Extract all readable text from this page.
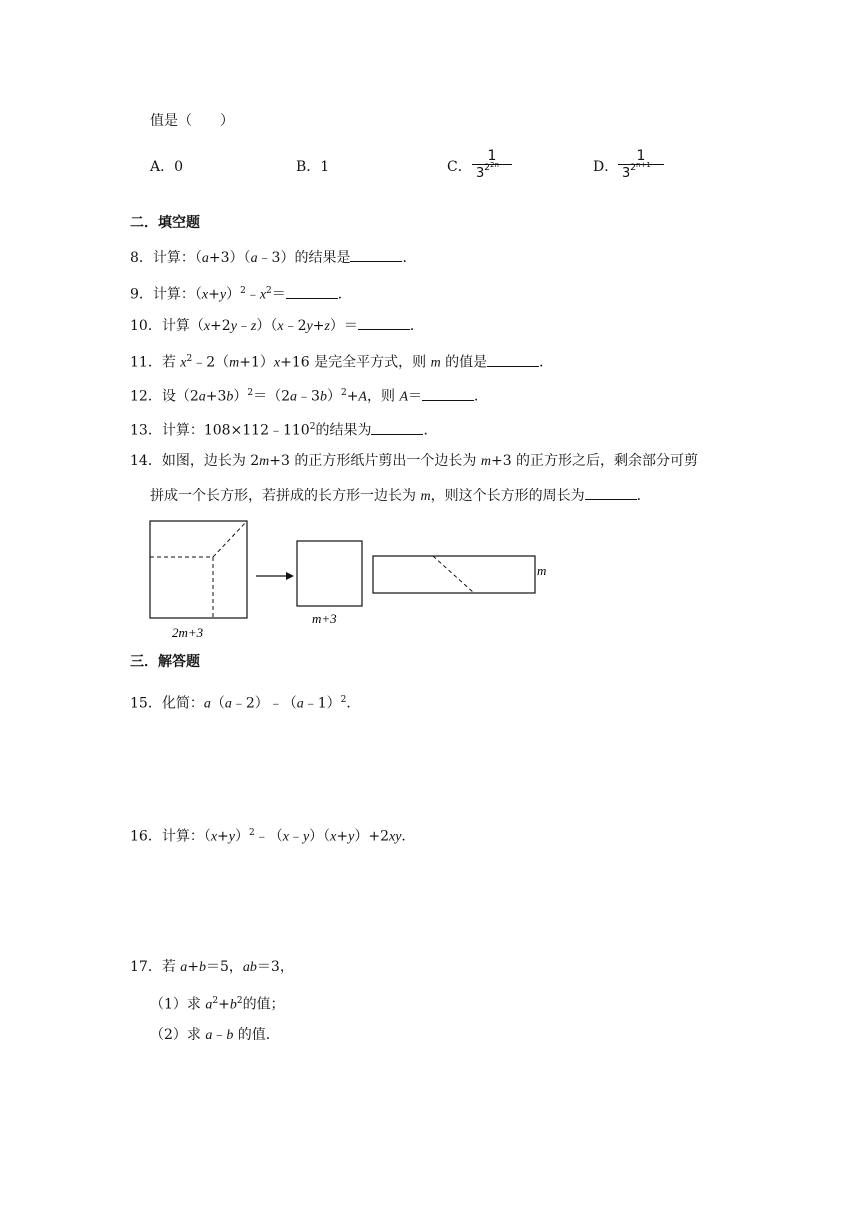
值是（　　）
A．0	B．1	C．
1
$3^{22n}$	D．
1
$3^{2n+1}$
二．填空题
8．计算：（a+3）（a﹣3）的结果是	．
9．计算：$(x+y)^2﹣x^2=$	．
10．计算（x+2y﹣z）（x﹣2y+z）＝	．
11．若 $x^2﹣2(m+1)x+16$ 是完全平方式，则 m 的值是	．
12．设$(2a+3b)^2=(2a﹣3b)^2+A$，则 A＝	．
13．计算：$108\times 112﹣110^2$的结果为	．
14．如图，边长为 2m+3 的正方形纸片剪出一个边长为 m+3 的正方形之后，剩余部分可剪
拼成一个长方形，若拼成的长方形一边长为 m，则这个长方形的周长为	．
2m+3
m+3
m
三．解答题
15．化简：a（a﹣2）﹣（a﹣1）$^2$．
16．计算：$(x+y)^2﹣(x﹣y)(x+y)+2xy$．
17．若 a+b＝5，ab＝3，
（1）求 $a^2+b^2$的值；
（2）求 a﹣b 的值．
